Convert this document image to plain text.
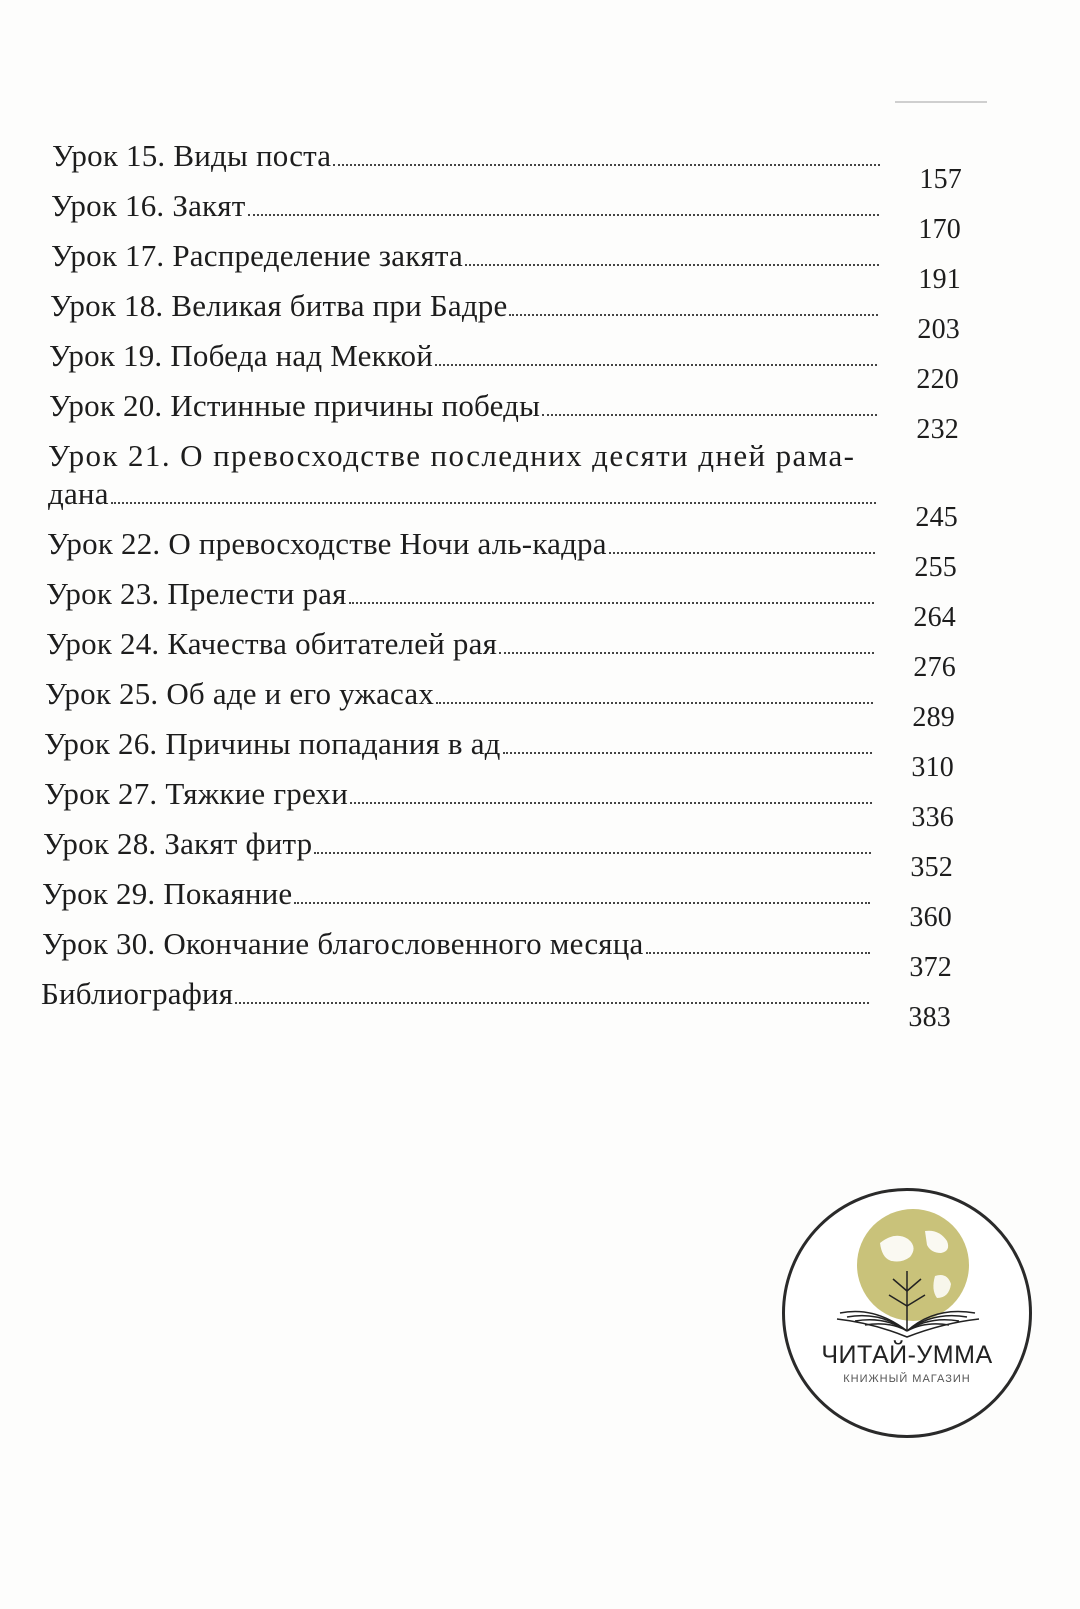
Урок 15. Виды поста
157
Урок 16. Закят
170
Урок 17. Распределение закята
191
Урок 18. Великая битва при Бадре
203
Урок 19. Победа над Меккой
220
Урок 20. Истинные причины победы
232
Урок 21. О превосходстве последних десяти дней рама-
дана
245
Урок 22. О превосходстве Ночи аль-кадра
255
Урок 23. Прелести рая
264
Урок 24. Качества обитателей рая
276
Урок 25. Об аде и его ужасах
289
Урок 26. Причины попадания в ад
310
Урок 27. Тяжкие грехи
336
Урок 28. Закят фитр
352
Урок 29. Покаяние
360
Урок 30. Окончание благословенного месяца
372
Библиография
383
ЧИТАЙ-УММА
КНИЖНЫЙ МАГАЗИН
